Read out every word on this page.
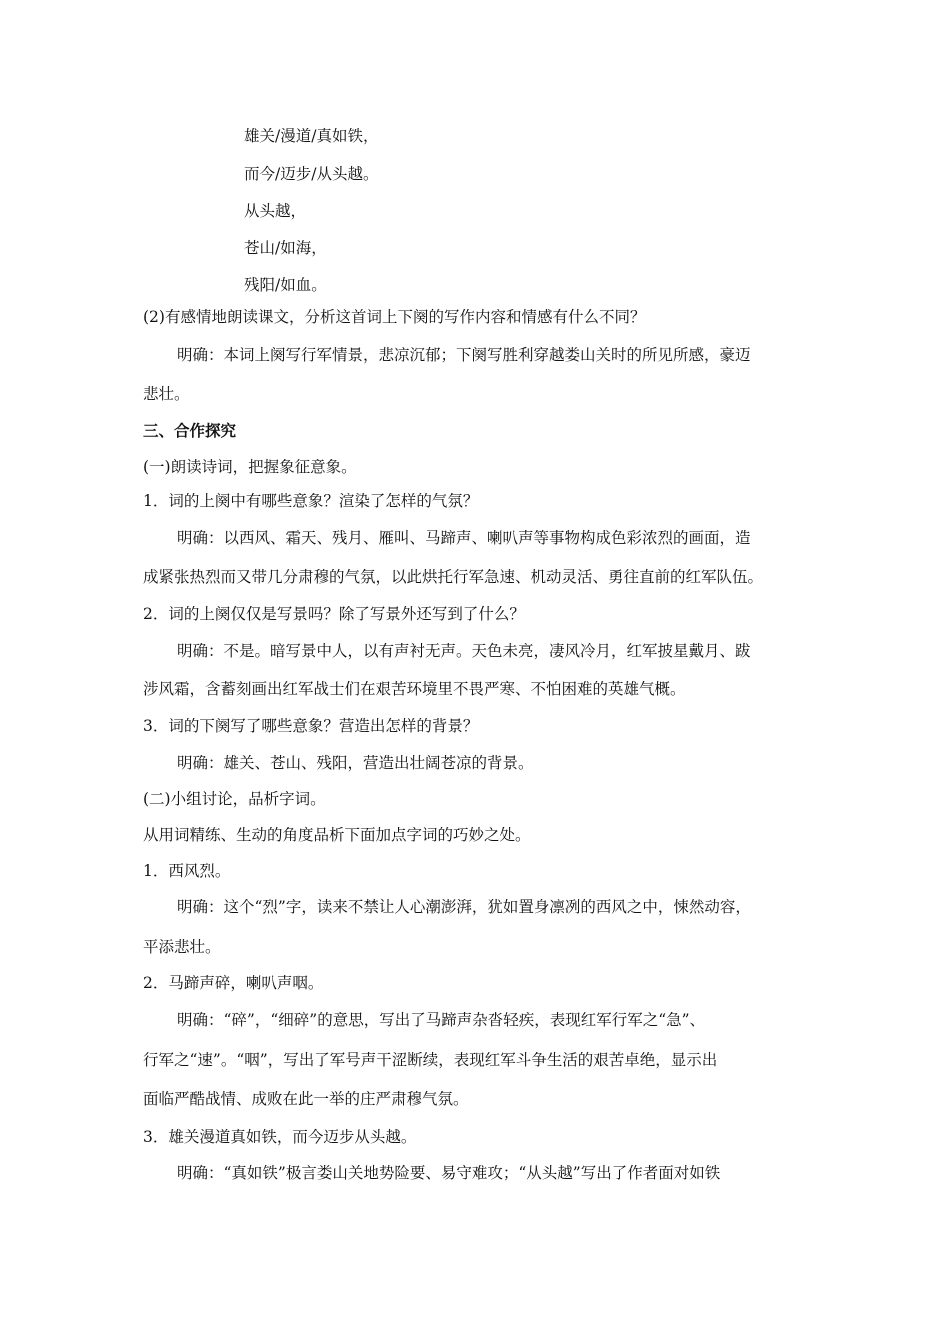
雄关/漫道/真如铁，
而今/迈步/从头越。
从头越，
苍山/如海，
残阳/如血。
(2)有感情地朗读课文，分析这首词上下阕的写作内容和情感有什么不同？
明确：本词上阕写行军情景，悲凉沉郁；下阕写胜利穿越娄山关时的所见所感，豪迈
悲壮。
三、合作探究
(一)朗读诗词，把握象征意象。
1．词的上阕中有哪些意象？渲染了怎样的气氛？
明确：以西风、霜天、残月、雁叫、马蹄声、喇叭声等事物构成色彩浓烈的画面，造
成紧张热烈而又带几分肃穆的气氛，以此烘托行军急速、机动灵活、勇往直前的红军队伍。
2．词的上阕仅仅是写景吗？除了写景外还写到了什么？
明确：不是。暗写景中人，以有声衬无声。天色未亮，凄风冷月，红军披星戴月、跋
涉风霜，含蓄刻画出红军战士们在艰苦环境里不畏严寒、不怕困难的英雄气概。
3．词的下阕写了哪些意象？营造出怎样的背景？
明确：雄关、苍山、残阳，营造出壮阔苍凉的背景。
(二)小组讨论，品析字词。
从用词精练、生动的角度品析下面加点字词的巧妙之处。
1．西风烈。
明确：这个“烈”字，读来不禁让人心潮澎湃，犹如置身凛冽的西风之中，悚然动容，
平添悲壮。
2．马蹄声碎，喇叭声咽。
明确：“碎”，“细碎”的意思，写出了马蹄声杂沓轻疾，表现红军行军之“急”、
行军之“速”。“咽”，写出了军号声干涩断续，表现红军斗争生活的艰苦卓绝，显示出
面临严酷战情、成败在此一举的庄严肃穆气氛。
3．雄关漫道真如铁，而今迈步从头越。
明确：“真如铁”极言娄山关地势险要、易守难攻；“从头越”写出了作者面对如铁
